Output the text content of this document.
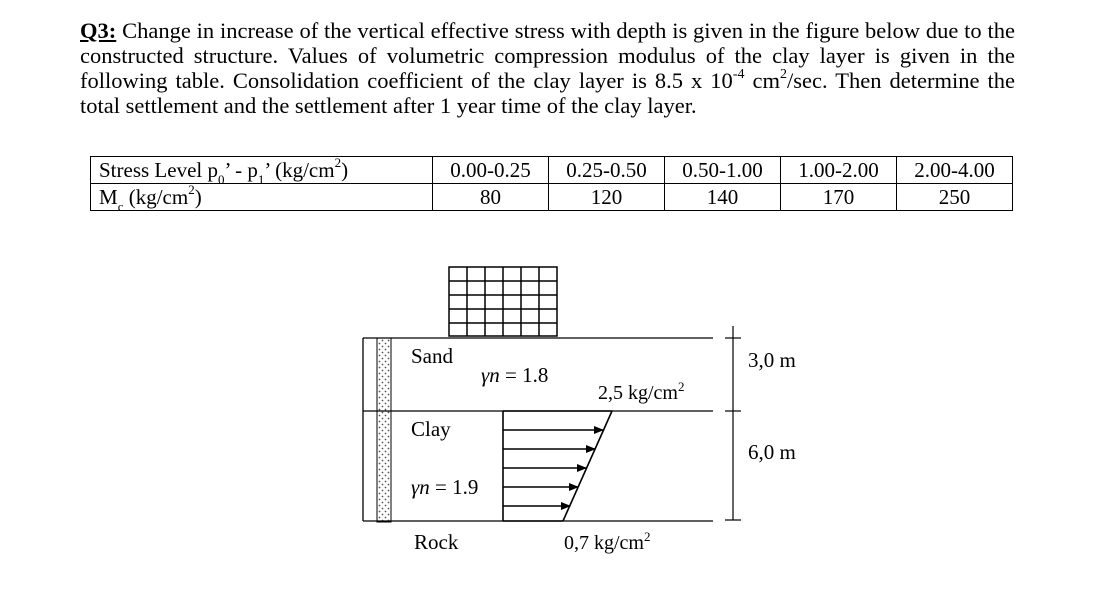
Q3: Change in increase of the vertical effective stress with depth is given in the figure below due to the constructed structure. Values of volumetric compression modulus of the clay layer is given in the following table. Consolidation coefficient of the clay layer is 8.5 x $10^{-4}$ $cm^2/\sec$. Then determine the total settlement and the settlement after 1 year time of the clay layer.
Stress Level $p_0$’ - $p_1$’ $(kg/cm^2)$	0.00-0.25	0.25-0.50	0.50-1.00	1.00-2.00	2.00-4.00
$M_c$ $(kg/cm^2)$	80	120	140	170	250
Sand
γn = 1.8
2,5 $kg/cm^2$
Clay
γn = 1.9
Rock	0,7 $kg/cm^2$
3,0 m
6,0 m
